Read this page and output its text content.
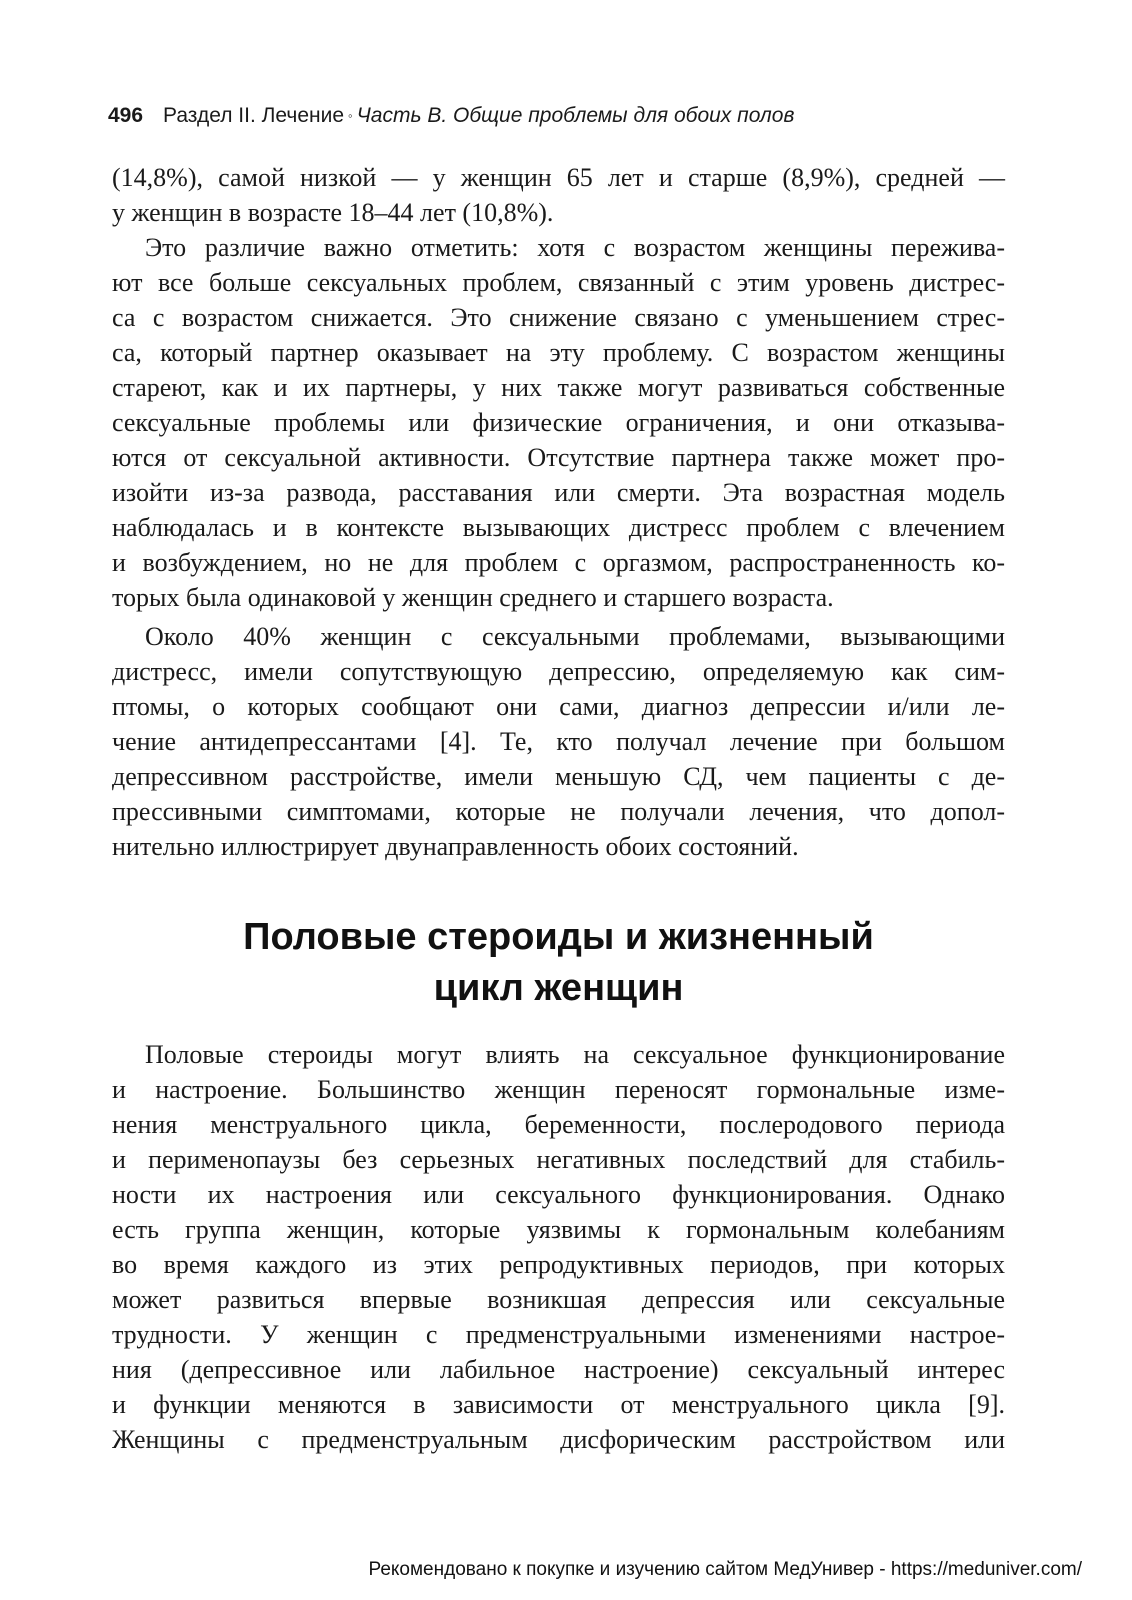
496 Раздел II. Лечение ◦ Часть B. Общие проблемы для обоих полов
(14,8%), самой низкой — у женщин 65 лет и старше (8,9%), средней —
у женщин в возрасте 18–44 лет (10,8%).
Это различие важно отметить: хотя с возрастом женщины пережива-
ют все больше сексуальных проблем, связанный с этим уровень дистрес-
са с возрастом снижается. Это снижение связано с уменьшением стрес-
са, который партнер оказывает на эту проблему. С возрастом женщины
стареют, как и их партнеры, у них также могут развиваться собственные
сексуальные проблемы или физические ограничения, и они отказыва-
ются от сексуальной активности. Отсутствие партнера также может про-
изойти из-за развода, расставания или смерти. Эта возрастная модель
наблюдалась и в контексте вызывающих дистресс проблем с влечением
и возбуждением, но не для проблем с оргазмом, распространенность ко-
торых была одинаковой у женщин среднего и старшего возраста.
Около 40% женщин с сексуальными проблемами, вызывающими
дистресс, имели сопутствующую депрессию, определяемую как сим-
птомы, о которых сообщают они сами, диагноз депрессии и/или ле-
чение антидепрессантами [4]. Те, кто получал лечение при большом
депрессивном расстройстве, имели меньшую СД, чем пациенты с де-
прессивными симптомами, которые не получали лечения, что допол-
нительно иллюстрирует двунаправленность обоих состояний.
Половые стероиды и жизненный
цикл женщин
Половые стероиды могут влиять на сексуальное функционирование
и настроение. Большинство женщин переносят гормональные изме-
нения менструального цикла, беременности, послеродового периода
и перименопаузы без серьезных негативных последствий для стабиль-
ности их настроения или сексуального функционирования. Однако
есть группа женщин, которые уязвимы к гормональным колебаниям
во время каждого из этих репродуктивных периодов, при которых
может развиться впервые возникшая депрессия или сексуальные
трудности. У женщин с предменструальными изменениями настрое-
ния (депрессивное или лабильное настроение) сексуальный интерес
и функции меняются в зависимости от менструального цикла [9].
Женщины с предменструальным дисфорическим расстройством или
Рекомендовано к покупке и изучению сайтом МедУнивер - https://meduniver.com/
